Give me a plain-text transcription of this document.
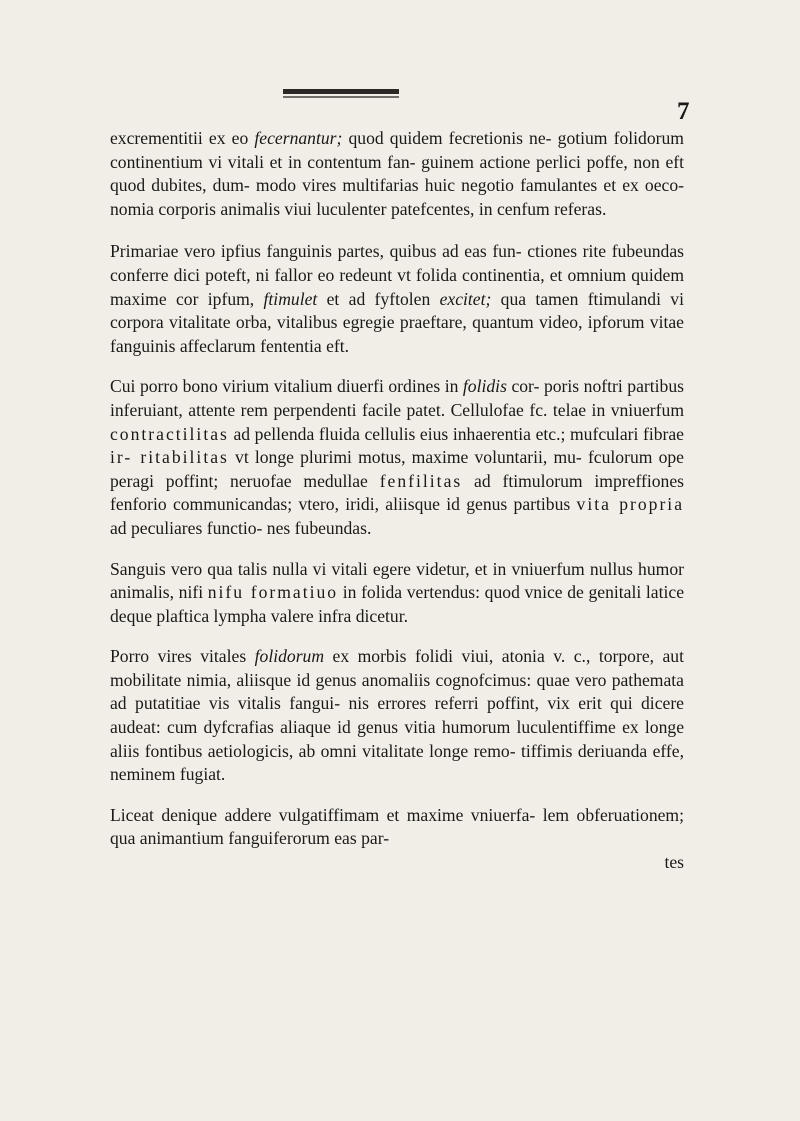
7

excrementitii ex eo fecernantur; quod quidem fecretionis ne- gotium folidorum continentium vi vitali et in contentum fan- guinem actione perlici poffe, non eft quod dubites, dum- modo vires multifarias huic negotio famulantes et ex oeco- nomia corporis animalis viui luculenter patefcentes, in cenfum referas.

Primariae vero ipfius fanguinis partes, quibus ad eas fun- ctiones rite fubeundas conferre dici poteft, ni fallor eo redeunt vt folida continentia, et omnium quidem maxime cor ipfum, ftimulet et ad fyftolen excitet; qua tamen ftimulandi vi corpora vitalitate orba, vitalibus egregie praeftare, quantum video, ipforum vitae fanguinis affeclarum fententia eft.

Cui porro bono virium vitalium diuerfi ordines in folidis cor- poris noftri partibus inferuiant, attente rem perpendenti facile patet. Cellulofae fc. telae in vniuerfum contractilitas ad pellenda fluida cellulis eius inhaerentia etc.; mufculari fibrae ir- ritabilitas vt longe plurimi motus, maxime voluntarii, mu- fculorum ope peragi poffint; neruofae medullae fenfilitas ad ftimulorum impreffiones fenforio communicandas; vtero, iridi, aliisque id genus partibus vita propria ad peculiares functio- nes fubeundas.

Sanguis vero qua talis nulla vi vitali egere videtur, et in vniuerfum nullus humor animalis, nifi nifu formatiuo in folida vertendus: quod vnice de genitali latice deque plaftica lympha valere infra dicetur.

Porro vires vitales folidorum ex morbis folidi viui, atonia v. c., torpore, aut mobilitate nimia, aliisque id genus anomaliis cognofcimus: quae vero pathemata ad putatitiae vis vitalis fangui- nis errores referri poffint, vix erit qui dicere audeat: cum dyfcrafias aliaque id genus vitia humorum luculentiffime ex longe aliis fontibus aetiologicis, ab omni vitalitate longe remo- tiffimis deriuanda effe, neminem fugiat.

Liceat denique addere vulgatiffimam et maxime vniuerfa- lem obferuationem; qua animantium fanguiferorum eas par-

tes
